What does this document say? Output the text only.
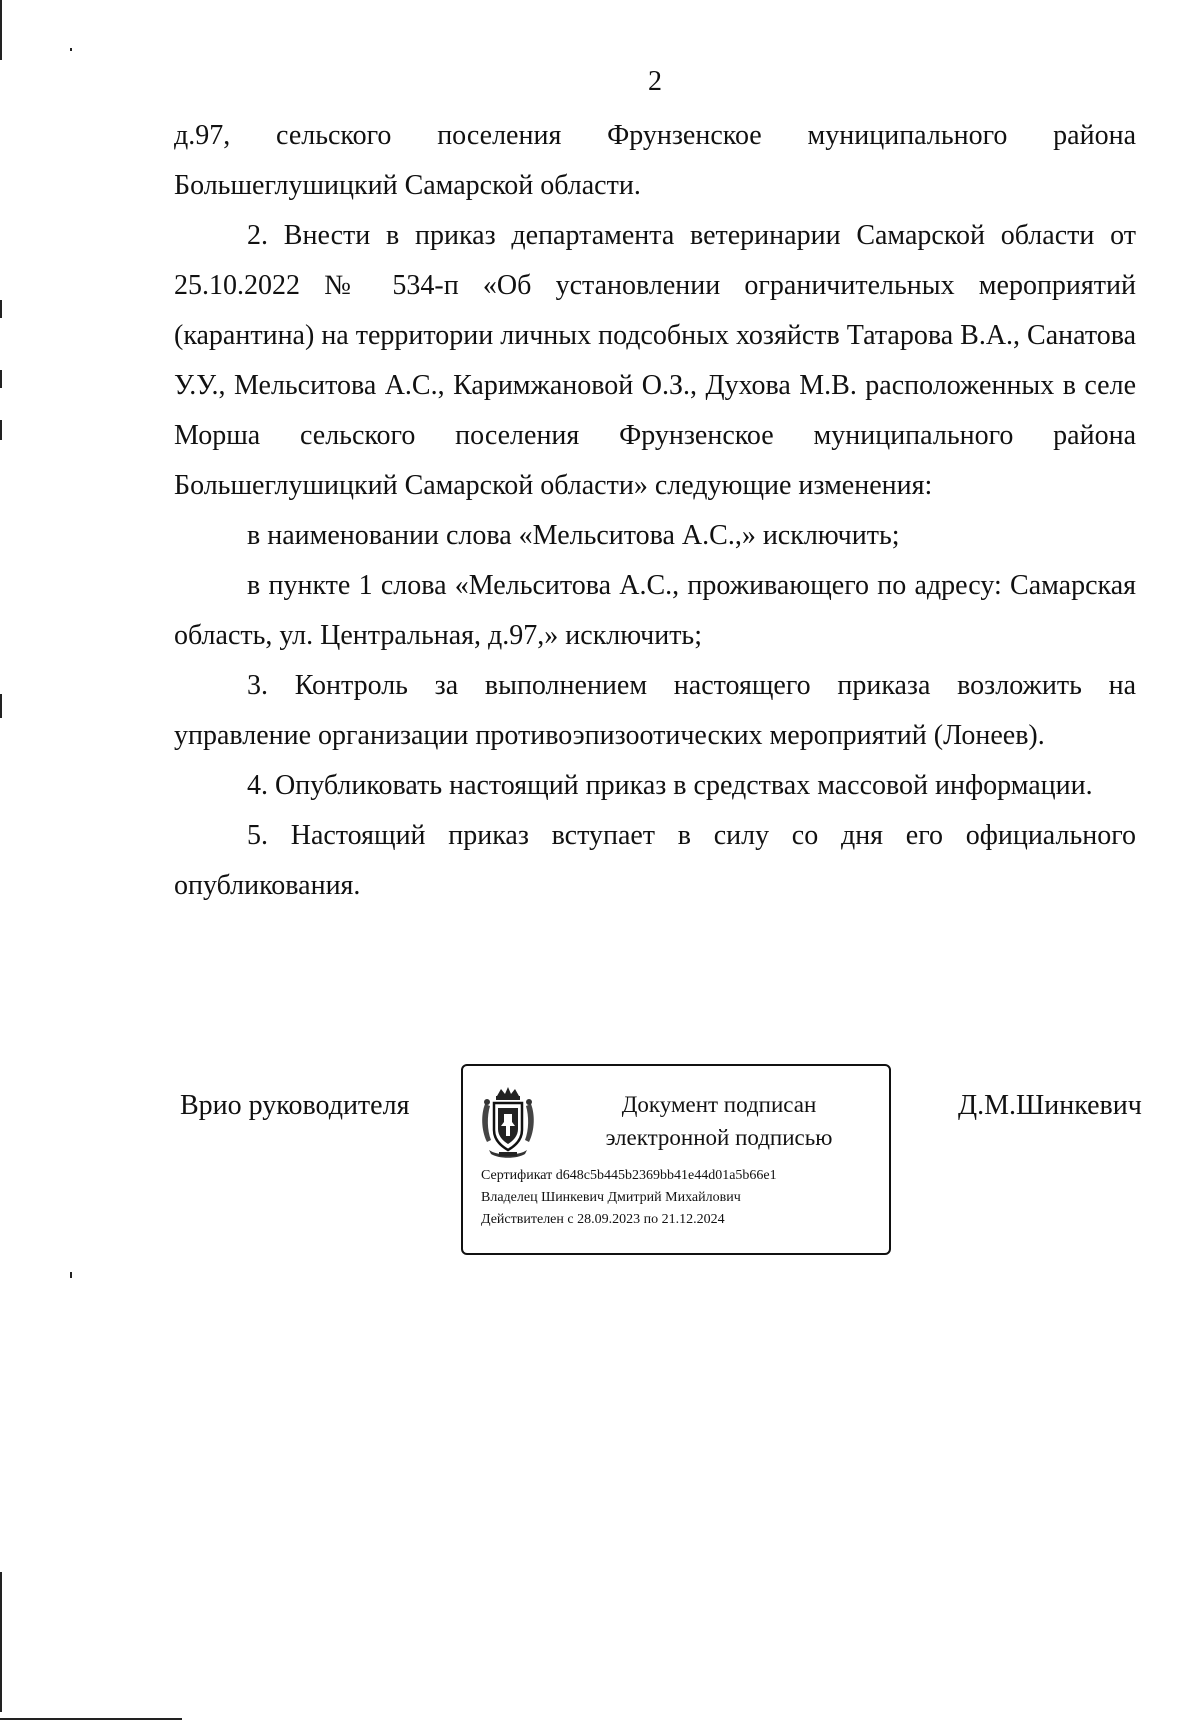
2

д.97, сельского поселения Фрунзенское муниципального района Большеглушицкий Самарской области.

2. Внести в приказ департамента ветеринарии Самарской области от 25.10.2022 № 534-п «Об установлении ограничительных мероприятий (карантина) на территории личных подсобных хозяйств Татарова В.А., Санатова У.У., Мельситова А.С., Каримжановой О.З., Духова М.В. расположенных в селе Морша сельского поселения Фрунзенское муниципального района Большеглушицкий Самарской области» следующие изменения:

в наименовании слова «Мельситова А.С.,» исключить;

в пункте 1 слова «Мельситова А.С., проживающего по адресу: Самарская область, ул. Центральная, д.97,» исключить;

3. Контроль за выполнением настоящего приказа возложить на управление организации противоэпизоотических мероприятий (Лонеев).

4. Опубликовать настоящий приказ в средствах массовой информации.

5. Настоящий приказ вступает в силу со дня его официального опубликования.

Врио руководителя	Документ подписан
электронной подписью
Сертификат d648c5b445b2369bb41e44d01a5b66e1
Владелец Шинкевич Дмитрий Михайлович
Действителен с 28.09.2023 по 21.12.2024
Д.М.Шинкевич
